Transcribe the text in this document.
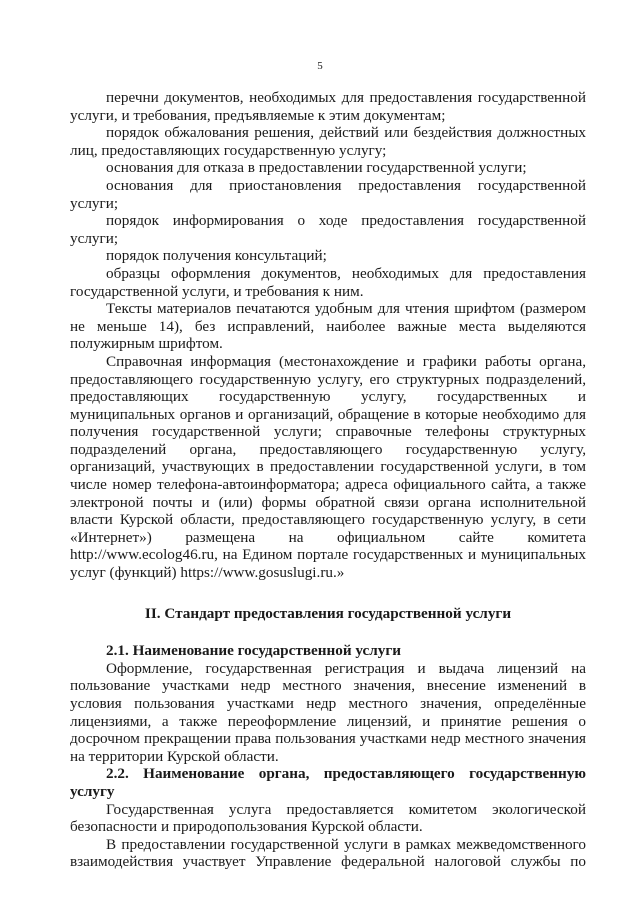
5

перечни документов, необходимых для предоставления государственной услуги, и требования, предъявляемые к этим документам;

порядок обжалования решения, действий или бездействия должностных лиц, предоставляющих государственную услугу;

основания для отказа в предоставлении государственной услуги;

основания для приостановления предоставления государственной услуги;

порядок информирования о ходе предоставления государственной услуги;

порядок получения консультаций;

образцы оформления документов, необходимых для предоставления государственной услуги, и требования к ним.

Тексты материалов печатаются удобным для чтения шрифтом (размером не меньше 14), без исправлений, наиболее важные места выделяются полужирным шрифтом.

Справочная информация (местонахождение и графики работы органа, предоставляющего государственную услугу, его структурных подразделений, предоставляющих государственную услугу, государственных и муниципальных органов и организаций, обращение в которые необходимо для получения государственной услуги; справочные телефоны структурных подразделений органа, предоставляющего государственную услугу, организаций, участвующих в предоставлении государственной услуги, в том числе номер телефона-автоинформатора; адреса официального сайта, а также электроной почты и (или) формы обратной связи органа исполнительной власти Курской области, предоставляющего государственную услугу, в сети «Интернет») размещена на официальном сайте комитета http://www.ecolog46.ru, на Едином портале государственных и муниципальных услуг (функций) https://www.gosuslugi.ru.»

II. Стандарт предоставления государственной услуги
2.1. Наименование государственной услуги

Оформление, государственная регистрация и выдача лицензий на пользование участками недр местного значения, внесение изменений в условия пользования участками недр местного значения, определённые лицензиями, а также переоформление лицензий, и принятие решения о досрочном прекращении права пользования участками недр местного значения на территории Курской области.

2.2. Наименование органа, предоставляющего государственную услугу

Государственная услуга предоставляется комитетом экологической безопасности и природопользования Курской области.

В предоставлении государственной услуги в рамках межведомственного взаимодействия участвует Управление федеральной налоговой службы по
